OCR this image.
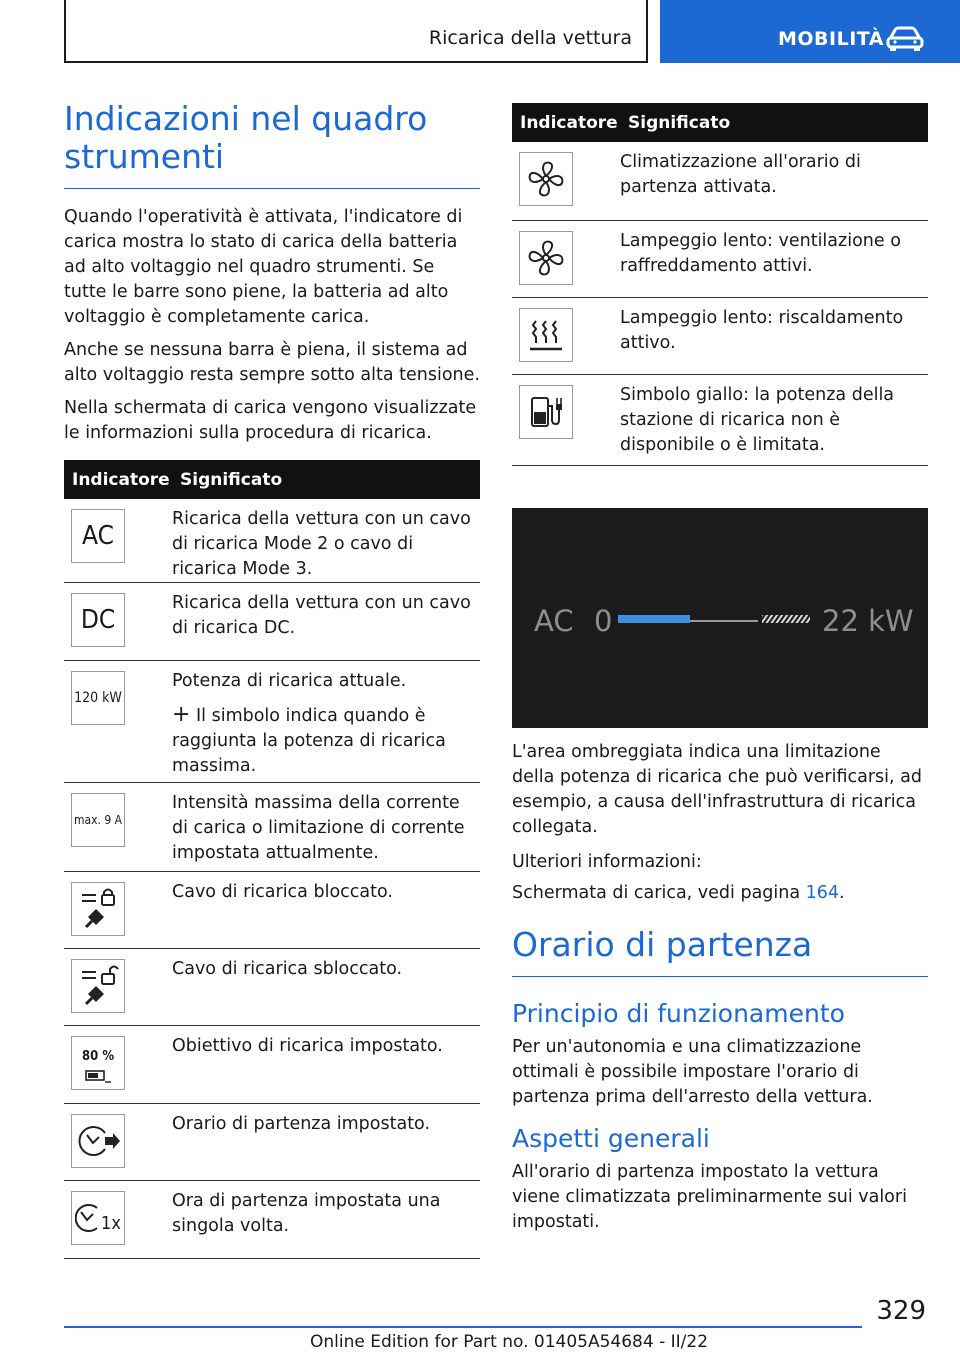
Ricarica della vettura	MOBILITÀ
Indicazioni nel quadro strumenti

Quando l'operatività è attivata, l'indicatore di carica mostra lo stato di carica della batteria ad alto voltaggio nel quadro strumenti. Se tutte le barre sono piene, la batteria ad alto voltaggio è completamente carica.

Anche se nessuna barra è piena, il sistema ad alto voltaggio resta sempre sotto alta tensione.

Nella schermata di carica vengono visualizzate le informazioni sulla procedura di ricarica.

Indicatore	Significato

AC	Ricarica della vettura con un cavo di ricarica Mode 2 o cavo di ricarica Mode 3.

DC	Ricarica della vettura con un cavo di ricarica DC.

120 kW	Potenza di ricarica attuale.
+ Il simbolo indica quando è raggiunta la potenza di ricarica massima.

max. 9 A	Intensità massima della corrente di carica o limitazione di corrente impostata attualmente.

Cavo di ricarica bloccato.

Cavo di ricarica sbloccato.

80 %	Obiettivo di ricarica impostato.

Orario di partenza impostato.

1x	Ora di partenza impostata una singola volta.
Indicatore	Significato

Climatizzazione all'orario di partenza attivata.

Lampeggio lento: ventilazione o raffreddamento attivi.

Lampeggio lento: riscaldamento attivo.

Simbolo giallo: la potenza della stazione di ricarica non è disponibile o è limitata.
AC 0	22 kW

L'area ombreggiata indica una limitazione della potenza di ricarica che può verificarsi, ad esempio, a causa dell'infrastruttura di ricarica collegata.

Ulteriori informazioni:

Schermata di carica, vedi pagina 164.

Orario di partenza
Principio di funzionamento

Per un'autonomia e una climatizzazione ottimali è possibile impostare l'orario di partenza prima dell'arresto della vettura.

Aspetti generali

All'orario di partenza impostato la vettura viene climatizzata preliminarmente sui valori impostati.

329
Online Edition for Part no. 01405A54684 - II/22
